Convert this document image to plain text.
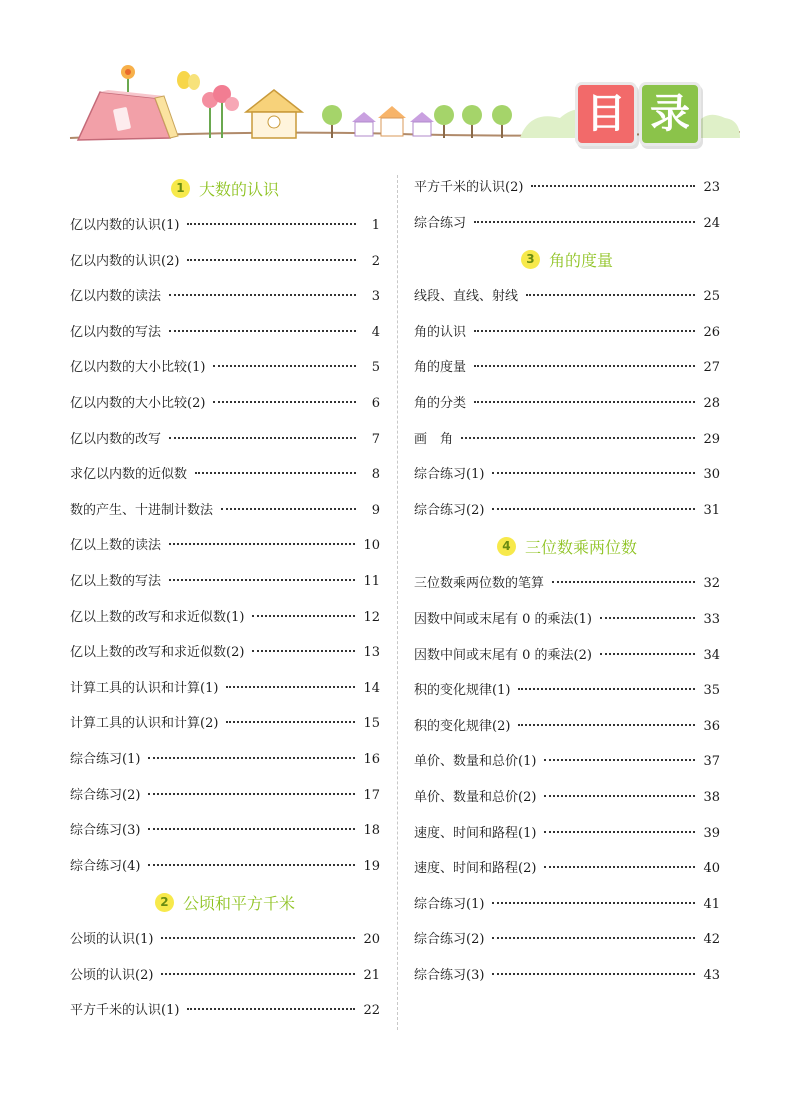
目 录
1 大数的认识
亿以内数的认识(1)	1
亿以内数的认识(2)	2
亿以内数的读法	3
亿以内数的写法	4
亿以内数的大小比较(1)	5
亿以内数的大小比较(2)	6
亿以内数的改写	7
求亿以内数的近似数	8
数的产生、十进制计数法	9
亿以上数的读法	10
亿以上数的写法	11
亿以上数的改写和求近似数(1)	12
亿以上数的改写和求近似数(2)	13
计算工具的认识和计算(1)	14
计算工具的认识和计算(2)	15
综合练习(1)	16
综合练习(2)	17
综合练习(3)	18
综合练习(4)	19
2 公顷和平方千米
公顷的认识(1)	20
公顷的认识(2)	21
平方千米的认识(1)	22
平方千米的认识(2)	23
综合练习	24
3 角的度量
线段、直线、射线	25
角的认识	26
角的度量	27
角的分类	28
画　角	29
综合练习(1)	30
综合练习(2)	31
4 三位数乘两位数
三位数乘两位数的笔算	32
因数中间或末尾有 0 的乘法(1)	33
因数中间或末尾有 0 的乘法(2)	34
积的变化规律(1)	35
积的变化规律(2)	36
单价、数量和总价(1)	37
单价、数量和总价(2)	38
速度、时间和路程(1)	39
速度、时间和路程(2)	40
综合练习(1)	41
综合练习(2)	42
综合练习(3)	43
